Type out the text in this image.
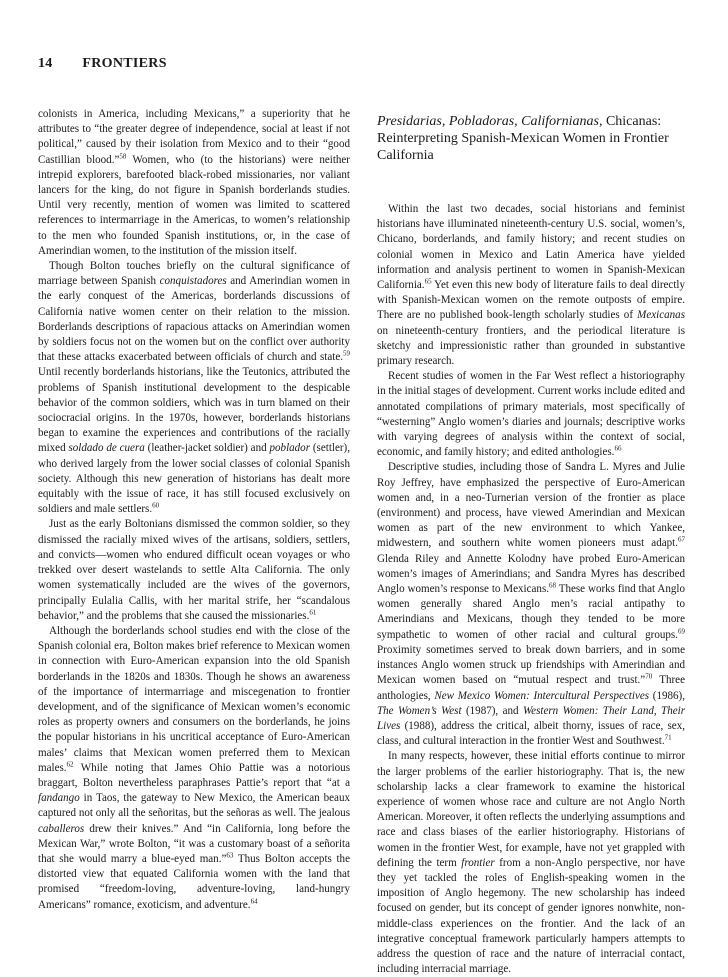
14 FRONTIERS

colonists in America, including Mexicans,” a superiority that he attributes to “the greater degree of independence, social at least if not political,” caused by their isolation from Mexico and to their “good Castillian blood.”$^{58}$ Women, who (to the historians) were neither intrepid explorers, barefooted black-robed missionaries, nor valiant lancers for the king, do not figure in Spanish borderlands studies. Until very recently, mention of women was limited to scattered references to intermarriage in the Americas, to women’s relationship to the men who founded Spanish institutions, or, in the case of Amerindian women, to the institution of the mission itself.

Though Bolton touches briefly on the cultural significance of marriage between Spanish conquistadores and Amerindian women in the early conquest of the Americas, borderlands discussions of California native women center on their relation to the mission. Borderlands descriptions of rapacious attacks on Amerindian women by soldiers focus not on the women but on the conflict over authority that these attacks exacerbated between officials of church and state.$^{59}$ Until recently borderlands historians, like the Teutonics, attributed the problems of Spanish institutional development to the despicable behavior of the common soldiers, which was in turn blamed on their sociocracial origins. In the 1970s, however, borderlands historians began to examine the experiences and contributions of the racially mixed soldado de cuera (leather-jacket soldier) and poblador (settler), who derived largely from the lower social classes of colonial Spanish society. Although this new generation of historians has dealt more equitably with the issue of race, it has still focused exclusively on soldiers and male settlers.$^{60}$

Just as the early Boltonians dismissed the common soldier, so they dismissed the racially mixed wives of the artisans, soldiers, settlers, and convicts—women who endured difficult ocean voyages or who trekked over desert wastelands to settle Alta California. The only women systematically included are the wives of the governors, principally Eulalia Callis, with her marital strife, her “scandalous behavior,” and the problems that she caused the missionaries.$^{61}$

Although the borderlands school studies end with the close of the Spanish colonial era, Bolton makes brief reference to Mexican women in connection with Euro-American expansion into the old Spanish borderlands in the 1820s and 1830s. Though he shows an awareness of the importance of intermarriage and miscegenation to frontier development, and of the significance of Mexican women’s economic roles as property owners and consumers on the borderlands, he joins the popular historians in his uncritical acceptance of Euro-American males’ claims that Mexican women preferred them to Mexican males.$^{62}$ While noting that James Ohio Pattie was a notorious braggart, Bolton nevertheless paraphrases Pattie’s report that “at a fandango in Taos, the gateway to New Mexico, the American beaux captured not only all the señoritas, but the señoras as well. The jealous caballeros drew their knives.” And “in California, long before the Mexican War,” wrote Bolton, “it was a customary boast of a señorita that she would marry a blue-eyed man.”$^{63}$ Thus Bolton accepts the distorted view that equated California women with the land that promised “freedom-loving, adventure-loving, land-hungry Americans” romance, exoticism, and adventure.$^{64}$

Presidarias, Pobladoras, Californianas, Chicanas: Reinterpreting Spanish-Mexican Women in Frontier California

Within the last two decades, social historians and feminist historians have illuminated nineteenth-century U.S. social, women’s, Chicano, borderlands, and family history; and recent studies on colonial women in Mexico and Latin America have yielded information and analysis pertinent to women in Spanish-Mexican California.$^{65}$ Yet even this new body of literature fails to deal directly with Spanish-Mexican women on the remote outposts of empire. There are no published book-length scholarly studies of Mexicanas on nineteenth-century frontiers, and the periodical literature is sketchy and impressionistic rather than grounded in substantive primary research.

Recent studies of women in the Far West reflect a historiography in the initial stages of development. Current works include edited and annotated compilations of primary materials, most specifically of “westerning” Anglo women’s diaries and journals; descriptive works with varying degrees of analysis within the context of social, economic, and family history; and edited anthologies.$^{66}$

Descriptive studies, including those of Sandra L. Myres and Julie Roy Jeffrey, have emphasized the perspective of Euro-American women and, in a neo-Turnerian version of the frontier as place (environment) and process, have viewed Amerindian and Mexican women as part of the new environment to which Yankee, midwestern, and southern white women pioneers must adapt.$^{67}$ Glenda Riley and Annette Kolodny have probed Euro-American women’s images of Amerindians; and Sandra Myres has described Anglo women’s response to Mexicans.$^{68}$ These works find that Anglo women generally shared Anglo men’s racial antipathy to Amerindians and Mexicans, though they tended to be more sympathetic to women of other racial and cultural groups.$^{69}$ Proximity sometimes served to break down barriers, and in some instances Anglo women struck up friendships with Amerindian and Mexican women based on “mutual respect and trust.”$^{70}$ Three anthologies, New Mexico Women: Intercultural Perspectives (1986), The Women’s West (1987), and Western Women: Their Land, Their Lives (1988), address the critical, albeit thorny, issues of race, sex, class, and cultural interaction in the frontier West and Southwest.$^{71}$

In many respects, however, these initial efforts continue to mirror the larger problems of the earlier historiography. That is, the new scholarship lacks a clear framework to examine the historical experience of women whose race and culture are not Anglo North American. Moreover, it often reflects the underlying assumptions and race and class biases of the earlier historiography. Historians of women in the frontier West, for example, have not yet grappled with defining the term frontier from a non-Anglo perspective, nor have they yet tackled the roles of English-speaking women in the imposition of Anglo hegemony. The new scholarship has indeed focused on gender, but its concept of gender ignores nonwhite, non-middle-class experiences on the frontier. And the lack of an integrative conceptual framework particularly hampers attempts to address the question of race and the nature of interracial contact, including interracial marriage.
